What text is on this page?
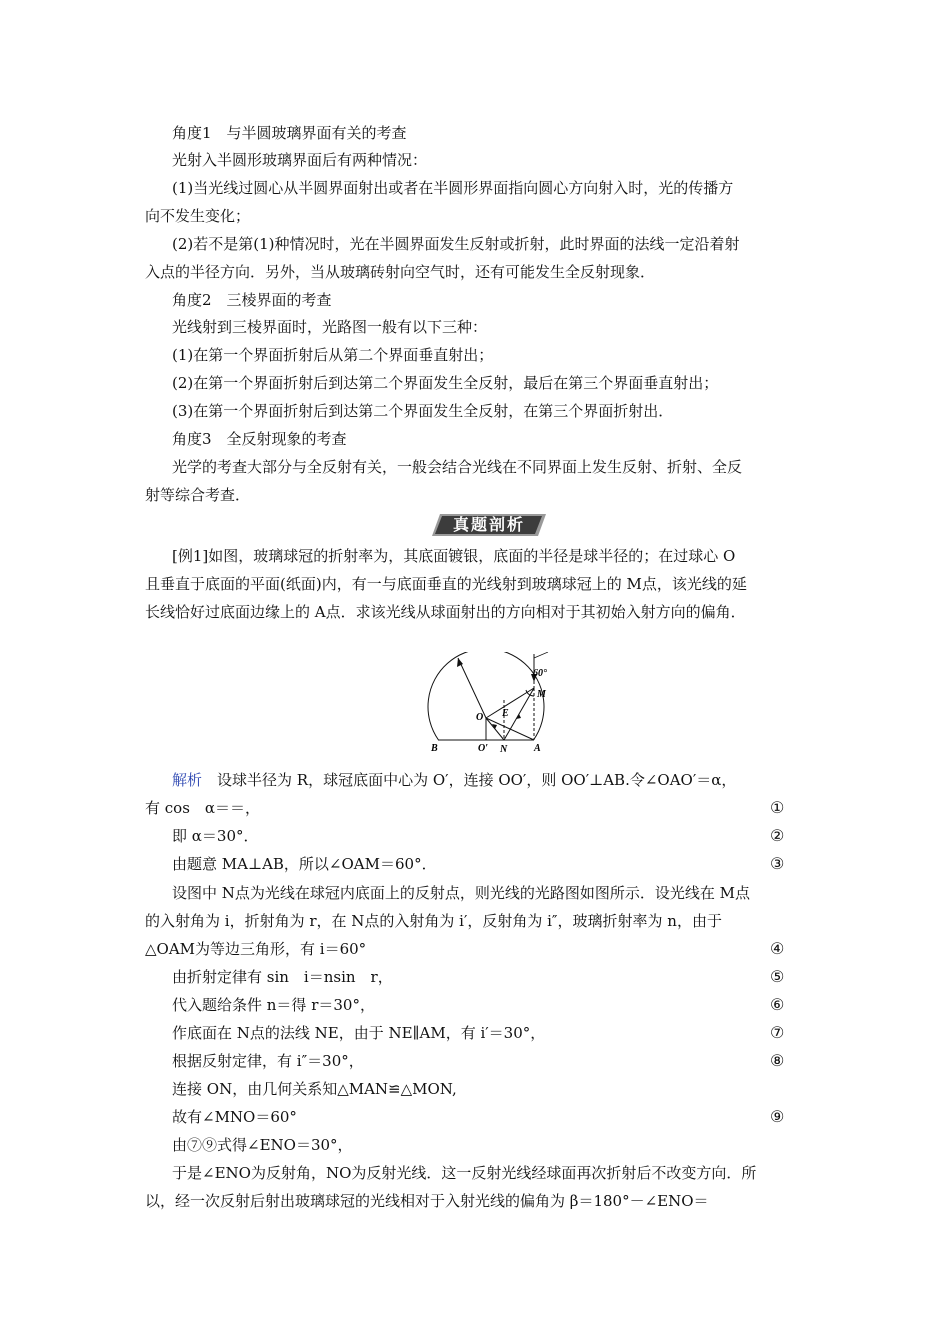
角度1　与半圆玻璃界面有关的考查
光射入半圆形玻璃界面后有两种情况：
(1)当光线过圆心从半圆界面射出或者在半圆形界面指向圆心方向射入时，光的传播方
向不发生变化；
(2)若不是第(1)种情况时，光在半圆界面发生反射或折射，此时界面的法线一定沿着射
入点的半径方向．另外，当从玻璃砖射向空气时，还有可能发生全反射现象．
角度2　三棱界面的考查
光线射到三棱界面时，光路图一般有以下三种：
(1)在第一个界面折射后从第二个界面垂直射出；
(2)在第一个界面折射后到达第二个界面发生全反射，最后在第三个界面垂直射出；
(3)在第一个界面折射后到达第二个界面发生全反射，在第三个界面折射出．
角度3　全反射现象的考查
光学的考查大部分与全反射有关，一般会结合光线在不同界面上发生反射、折射、全反
射等综合考查．
真题剖析
[例1]如图，玻璃球冠的折射率为，其底面镀银，底面的半径是球半径的；在过球心 O
且垂直于底面的平面(纸面)内，有一与底面垂直的光线射到玻璃球冠上的 M点，该光线的延
长线恰好过底面边缘上的 A点．求该光线从球面射出的方向相对于其初始入射方向的偏角．
60°
M
O E
B	O′ N	A
解析　 设球半径为 R，球冠底面中心为 O′，连接 OO′，则 OO′⊥AB.令∠OAO′＝α，
有 cos　α＝＝，
即 α＝30°．
由题意 MA⊥AB，所以∠OAM＝60°．
设图中 N点为光线在球冠内底面上的反射点，则光线的光路图如图所示．设光线在 M点
的入射角为 i，折射角为 r，在 N点的入射角为 i′，反射角为 i″，玻璃折射率为 n，由于
△OAM为等边三角形，有 i＝60°
由折射定律有 sin　i＝nsin　r，
代入题给条件 n＝得 r＝30°，
作底面在 N点的法线 NE，由于 NE∥AM，有 i′＝30°，
根据反射定律，有 i″＝30°，
连接 ON，由几何关系知△MAN≌△MON,
故有∠MNO＝60°
由⑦⑨式得∠ENO＝30°，
于是∠ENO为反射角，NO为反射光线．这一反射光线经球面再次折射后不改变方向．所
以，经一次反射后射出玻璃球冠的光线相对于入射光线的偏角为 β＝180°－∠ENO＝
①
②
③
④
⑤
⑥
⑦
⑧
⑨
